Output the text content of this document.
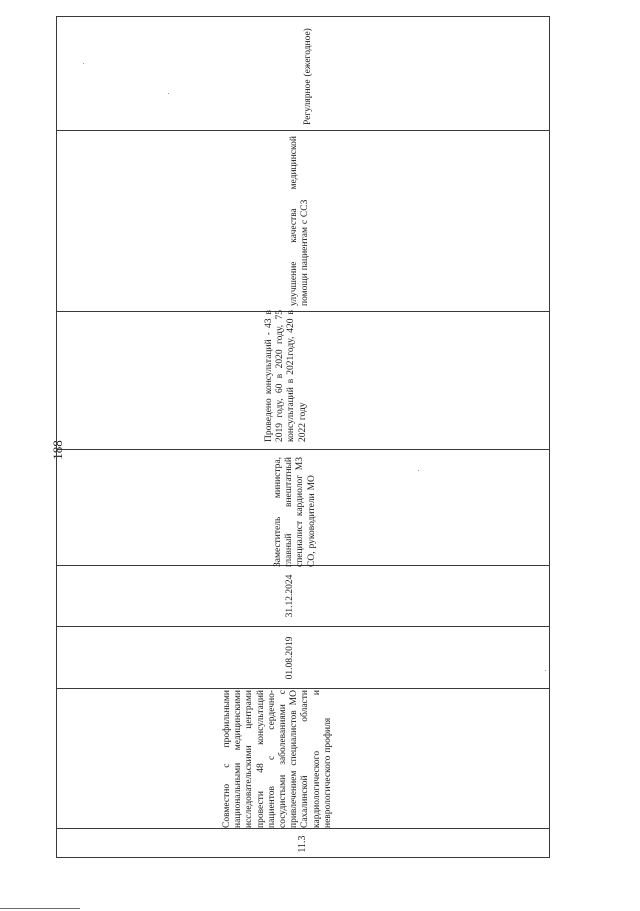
188
11.3
Совместно с профильными национальными медицинскими исследовательскими центрами провести 48 консультаций пациентов с сердечно-сосудистыми заболеваниями с привлечением специалистов МО Сахалинской области кардиологического и неврологического профиля
01.08.2019
31.12.2024
Заместитель министра, главный внештатный специалист кардиолог МЗ СО, руководители МО
Проведено консультаций - 43 в 2019 году, 60 в 2020 году, 75 консультаций в 2021году, 420 в 2022 году
улучшение качества медицинской помощи пациентам с ССЗ
Регулярное (ежегодное)
